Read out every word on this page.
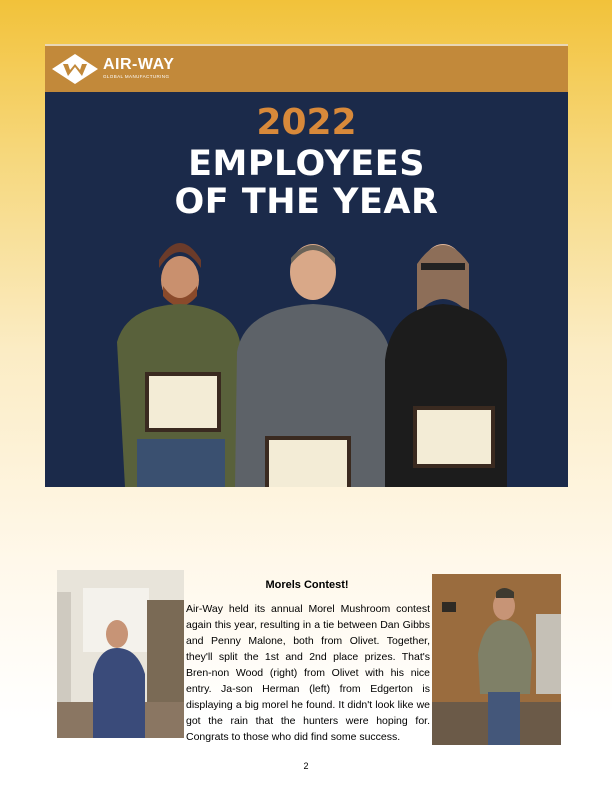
AIR-WAY
GLOBAL MANUFACTURING
2022
EMPLOYEES
OF THE YEAR
Morels Contest!

Air-Way held its annual Morel Mushroom contest again this year, resulting in a tie between Dan Gibbs and Penny Malone, both from Olivet. Together, they'll split the 1st and 2nd place prizes. That's Bren-non Wood (right) from Olivet with his nice entry. Ja-son Herman (left) from Edgerton is displaying a big morel he found. It didn't look like we got the rain that the hunters were hoping for. Congrats to those who did find some success.

2
